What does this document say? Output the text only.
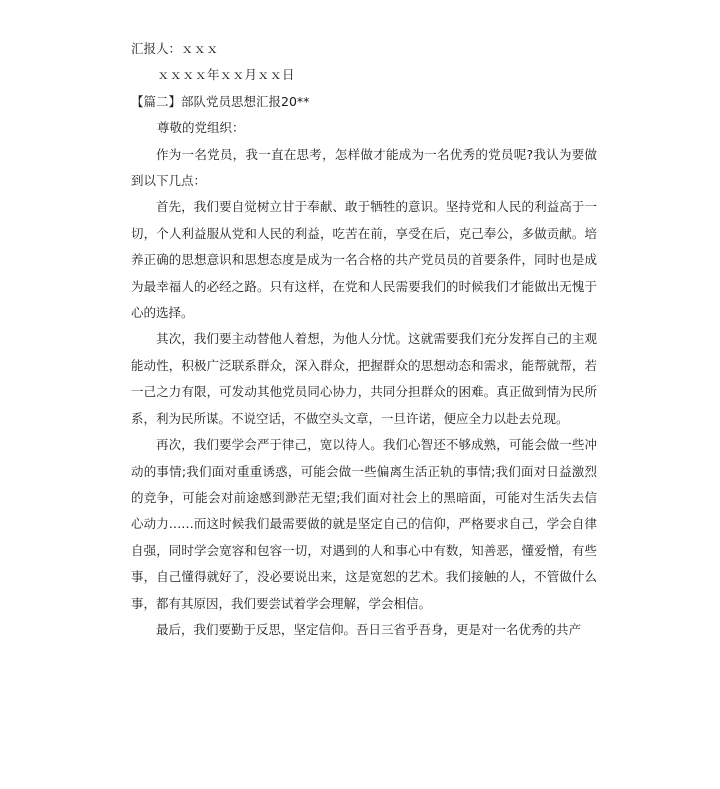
汇报人：ｘｘｘ

ｘｘｘｘ年ｘｘ月ｘｘ日

【篇二】部队党员思想汇报20**

尊敬的党组织：

作为一名党员，我一直在思考，怎样做才能成为一名优秀的党员呢?我认为要做到以下几点：

首先，我们要自觉树立甘于奉献、敢于牺牲的意识。坚持党和人民的利益高于一切，个人利益服从党和人民的利益，吃苦在前，享受在后，克己奉公，多做贡献。培养正确的思想意识和思想态度是成为一名合格的共产党员员的首要条件，同时也是成为最幸福人的必经之路。只有这样，在党和人民需要我们的时候我们才能做出无愧于心的选择。

其次，我们要主动替他人着想，为他人分忧。这就需要我们充分发挥自己的主观能动性，积极广泛联系群众，深入群众，把握群众的思想动态和需求，能帮就帮，若一己之力有限，可发动其他党员同心协力，共同分担群众的困难。真正做到情为民所系，利为民所谋。不说空话，不做空头文章，一旦许诺，便应全力以赴去兑现。

再次，我们要学会严于律己，宽以待人。我们心智还不够成熟，可能会做一些冲动的事情;我们面对重重诱惑，可能会做一些偏离生活正轨的事情;我们面对日益激烈的竞争，可能会对前途感到渺茫无望;我们面对社会上的黑暗面，可能对生活失去信心动力……而这时候我们最需要做的就是坚定自己的信仰，严格要求自己，学会自律自强，同时学会宽容和包容一切，对遇到的人和事心中有数，知善恶，懂爱憎，有些事，自己懂得就好了，没必要说出来，这是宽恕的艺术。我们接触的人，不管做什么事，都有其原因，我们要尝试着学会理解，学会相信。

最后，我们要勤于反思，坚定信仰。吾日三省乎吾身，更是对一名优秀的共产
